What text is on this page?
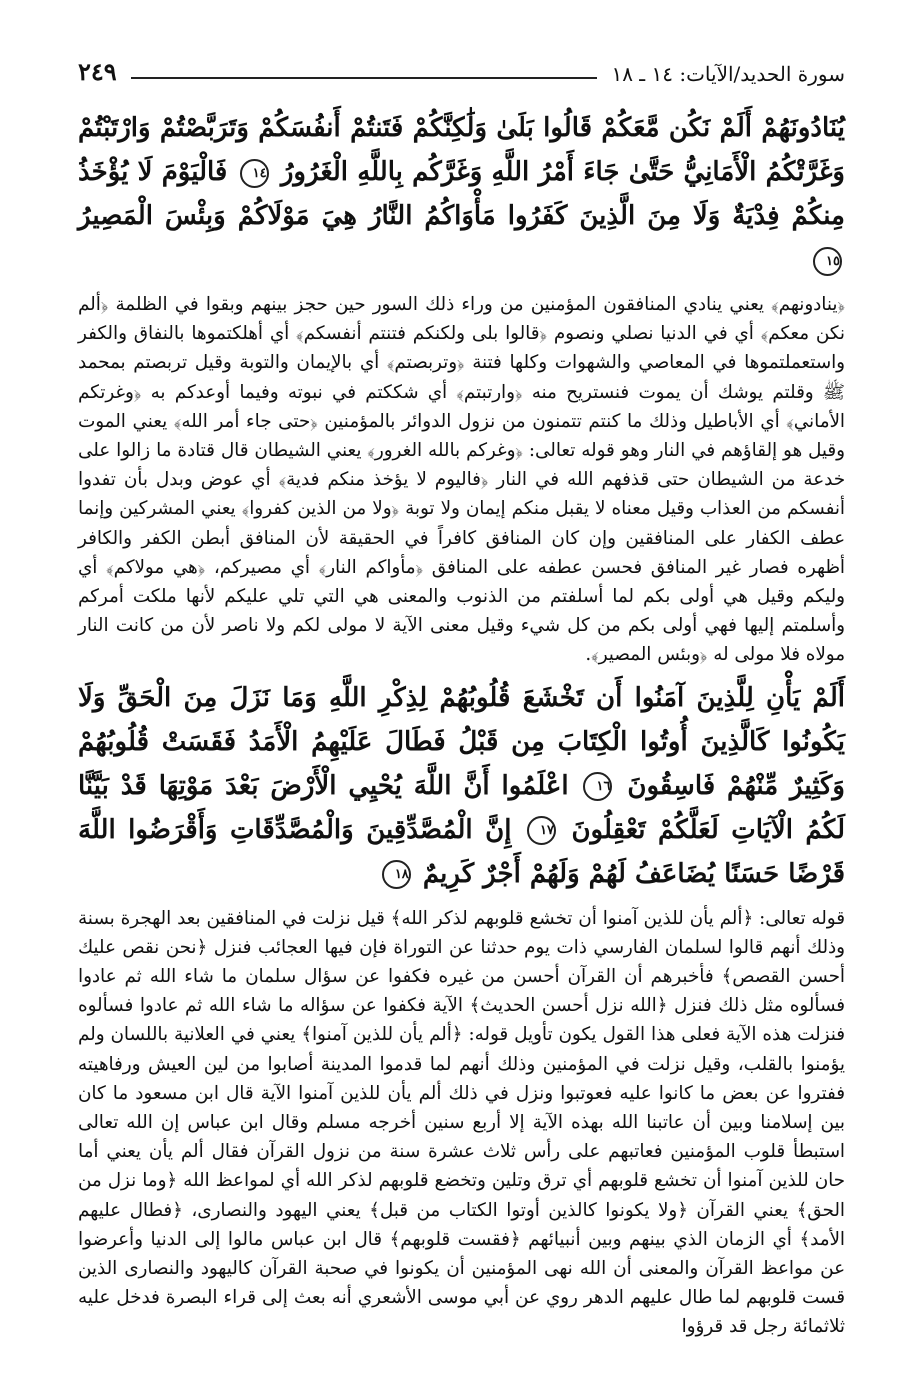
سورة الحديد/الآيات: ١٤ ـ ١٨
٢٤٩

يُنَادُونَهُمْ أَلَمْ نَكُن مَّعَكُمْ قَالُوا بَلَىٰ وَلَٰكِنَّكُمْ فَتَنتُمْ أَنفُسَكُمْ وَتَرَبَّصْتُمْ وَارْتَبْتُمْ وَغَرَّتْكُمُ الْأَمَانِيُّ حَتَّىٰ جَاءَ أَمْرُ اللَّهِ وَغَرَّكُم بِاللَّهِ الْغَرُورُ ١٤ فَالْيَوْمَ لَا يُؤْخَذُ مِنكُمْ فِدْيَةٌ وَلَا مِنَ الَّذِينَ كَفَرُوا مَأْوَاكُمُ النَّارُ هِيَ مَوْلَاكُمْ وَبِئْسَ الْمَصِيرُ ١٥

﴿ينادونهم﴾ يعني ينادي المنافقون المؤمنين من وراء ذلك السور حين حجز بينهم وبقوا في الظلمة ﴿ألم نكن معكم﴾ أي في الدنيا نصلي ونصوم ﴿قالوا بلى ولكنكم فتنتم أنفسكم﴾ أي أهلكتموها بالنفاق والكفر واستعملتموها في المعاصي والشهوات وكلها فتنة ﴿وتربصتم﴾ أي بالإيمان والتوبة وقيل تربصتم بمحمد ﷺ وقلتم يوشك أن يموت فنستريح منه ﴿وارتبتم﴾ أي شككتم في نبوته وفيما أوعدكم به ﴿وغرتكم الأماني﴾ أي الأباطيل وذلك ما كنتم تتمنون من نزول الدوائر بالمؤمنين ﴿حتى جاء أمر الله﴾ يعني الموت وقيل هو إلقاؤهم في النار وهو قوله تعالى: ﴿وغركم بالله الغرور﴾ يعني الشيطان قال قتادة ما زالوا على خدعة من الشيطان حتى قذفهم الله في النار ﴿فاليوم لا يؤخذ منكم فدية﴾ أي عوض وبدل بأن تفدوا أنفسكم من العذاب وقيل معناه لا يقبل منكم إيمان ولا توبة ﴿ولا من الذين كفروا﴾ يعني المشركين وإنما عطف الكفار على المنافقين وإن كان المنافق كافراً في الحقيقة لأن المنافق أبطن الكفر والكافر أظهره فصار غير المنافق فحسن عطفه على المنافق ﴿مأواكم النار﴾ أي مصيركم، ﴿هي مولاكم﴾ أي وليكم وقيل هي أولى بكم لما أسلفتم من الذنوب والمعنى هي التي تلي عليكم لأنها ملكت أمركم وأسلمتم إليها فهي أولى بكم من كل شيء وقيل معنى الآية لا مولى لكم ولا ناصر لأن من كانت النار مولاه فلا مولى له ﴿وبئس المصير﴾.

أَلَمْ يَأْنِ لِلَّذِينَ آمَنُوا أَن تَخْشَعَ قُلُوبُهُمْ لِذِكْرِ اللَّهِ وَمَا نَزَلَ مِنَ الْحَقِّ وَلَا يَكُونُوا كَالَّذِينَ أُوتُوا الْكِتَابَ مِن قَبْلُ فَطَالَ عَلَيْهِمُ الْأَمَدُ فَقَسَتْ قُلُوبُهُمْ وَكَثِيرٌ مِّنْهُمْ فَاسِقُونَ ١٦ اعْلَمُوا أَنَّ اللَّهَ يُحْيِي الْأَرْضَ بَعْدَ مَوْتِهَا قَدْ بَيَّنَّا لَكُمُ الْآيَاتِ لَعَلَّكُمْ تَعْقِلُونَ ١٧ إِنَّ الْمُصَّدِّقِينَ وَالْمُصَّدِّقَاتِ وَأَقْرَضُوا اللَّهَ قَرْضًا حَسَنًا يُضَاعَفُ لَهُمْ وَلَهُمْ أَجْرٌ كَرِيمٌ ١٨

قوله تعالى: ﴿ألم يأن للذين آمنوا أن تخشع قلوبهم لذكر الله﴾ قيل نزلت في المنافقين بعد الهجرة بسنة وذلك أنهم قالوا لسلمان الفارسي ذات يوم حدثنا عن التوراة فإن فيها العجائب فنزل ﴿نحن نقص عليك أحسن القصص﴾ فأخبرهم أن القرآن أحسن من غيره فكفوا عن سؤال سلمان ما شاء الله ثم عادوا فسألوه مثل ذلك فنزل ﴿الله نزل أحسن الحديث﴾ الآية فكفوا عن سؤاله ما شاء الله ثم عادوا فسألوه فنزلت هذه الآية فعلى هذا القول يكون تأويل قوله: ﴿ألم يأن للذين آمنوا﴾ يعني في العلانية باللسان ولم يؤمنوا بالقلب، وقيل نزلت في المؤمنين وذلك أنهم لما قدموا المدينة أصابوا من لين العيش ورفاهيته ففتروا عن بعض ما كانوا عليه فعوتبوا ونزل في ذلك ألم يأن للذين آمنوا الآية قال ابن مسعود ما كان بين إسلامنا وبين أن عاتبنا الله بهذه الآية إلا أربع سنين أخرجه مسلم وقال ابن عباس إن الله تعالى استبطأ قلوب المؤمنين فعاتبهم على رأس ثلاث عشرة سنة من نزول القرآن فقال ألم يأن يعني أما حان للذين آمنوا أن تخشع قلوبهم أي ترق وتلين وتخضع قلوبهم لذكر الله أي لمواعظ الله ﴿وما نزل من الحق﴾ يعني القرآن ﴿ولا يكونوا كالذين أوتوا الكتاب من قبل﴾ يعني اليهود والنصارى، ﴿فطال عليهم الأمد﴾ أي الزمان الذي بينهم وبين أنبيائهم ﴿فقست قلوبهم﴾ قال ابن عباس مالوا إلى الدنيا وأعرضوا عن مواعظ القرآن والمعنى أن الله نهى المؤمنين أن يكونوا في صحبة القرآن كاليهود والنصارى الذين قست قلوبهم لما طال عليهم الدهر روي عن أبي موسى الأشعري أنه بعث إلى قراء البصرة فدخل عليه ثلاثمائة رجل قد قرؤوا
